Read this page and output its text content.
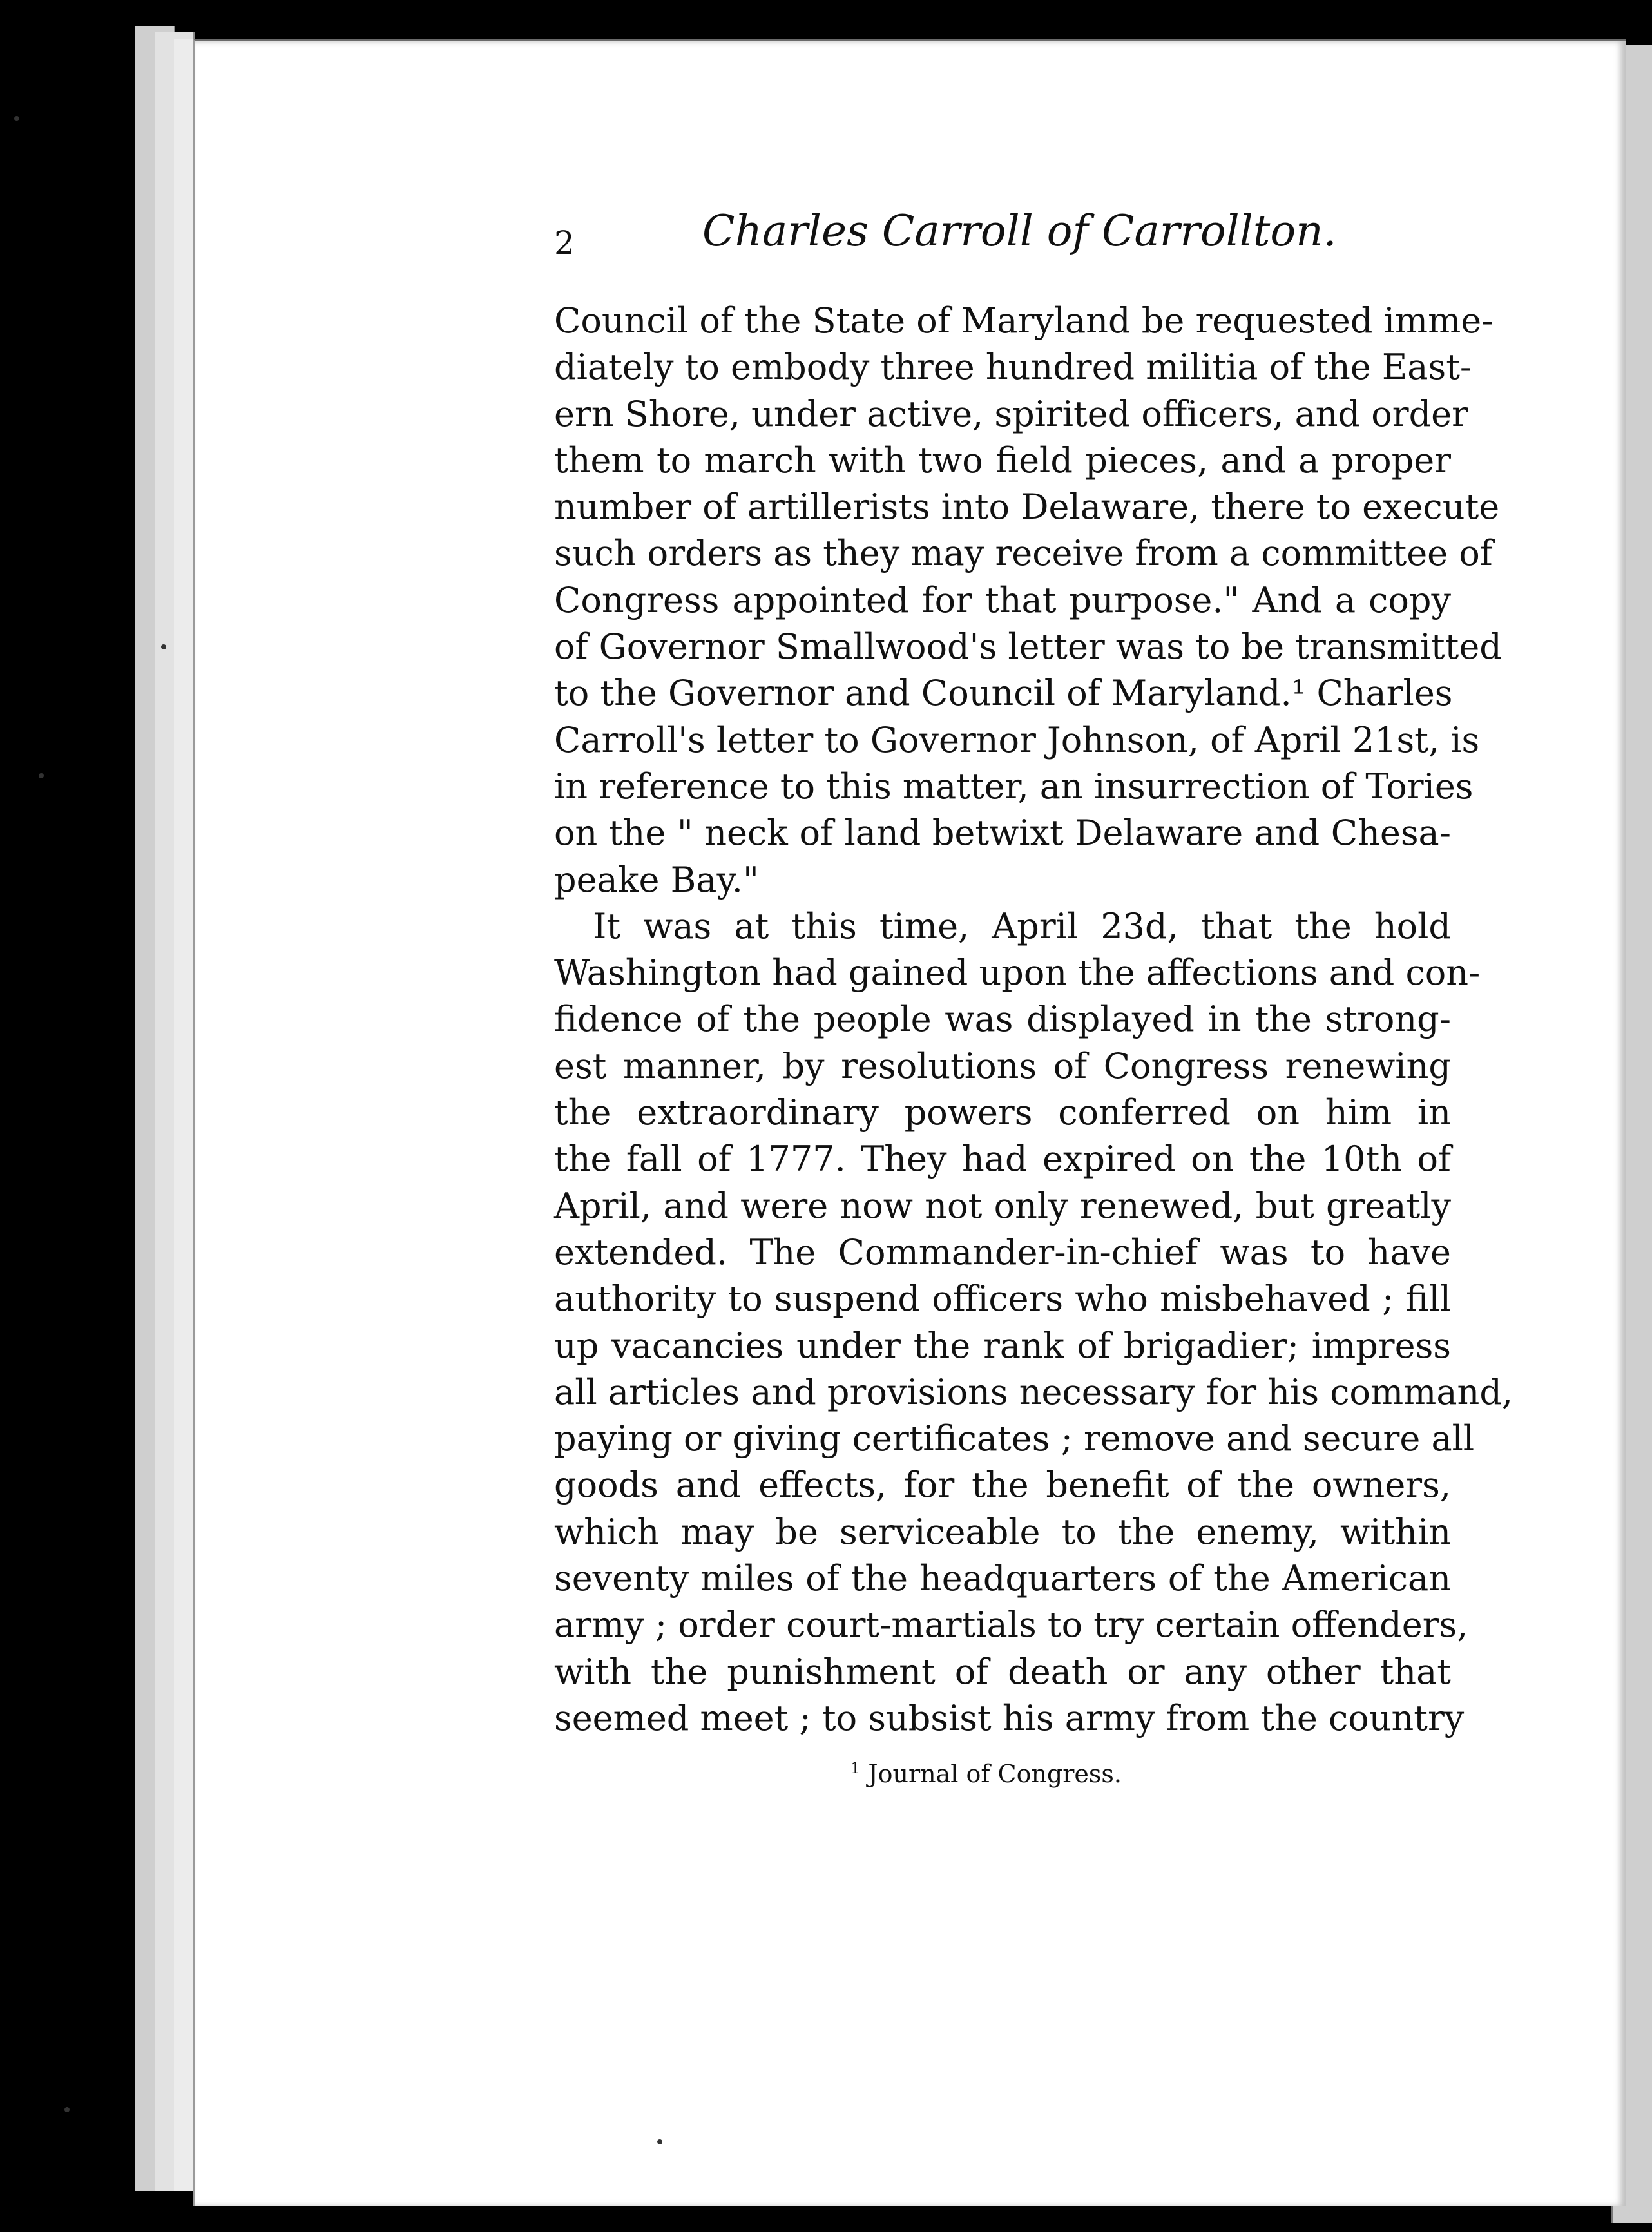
2	Charles Carroll of Carrollton.
Council of the State of Maryland be requested imme-
diately to embody three hundred militia of the East-
ern Shore, under active, spirited officers, and order
them to march with two field pieces, and a proper
number of artillerists into Delaware, there to execute
such orders as they may receive from a committee of
Congress appointed for that purpose." And a copy
of Governor Smallwood's letter was to be transmitted
to the Governor and Council of Maryland.¹ Charles
Carroll's letter to Governor Johnson, of April 21st, is
in reference to this matter, an insurrection of Tories
on the " neck of land betwixt Delaware and Chesa-
peake Bay."
It was at this time, April 23d, that the hold
Washington had gained upon the affections and con-
fidence of the people was displayed in the strong-
est manner, by resolutions of Congress renewing
the extraordinary powers conferred on him in
the fall of 1777. They had expired on the 10th of
April, and were now not only renewed, but greatly
extended. The Commander-in-chief was to have
authority to suspend officers who misbehaved ; fill
up vacancies under the rank of brigadier; impress
all articles and provisions necessary for his command,
paying or giving certificates ; remove and secure all
goods and effects, for the benefit of the owners,
which may be serviceable to the enemy, within
seventy miles of the headquarters of the American
army ; order court-martials to try certain offenders,
with the punishment of death or any other that
seemed meet ; to subsist his army from the country
$^1$ Journal of Congress.
